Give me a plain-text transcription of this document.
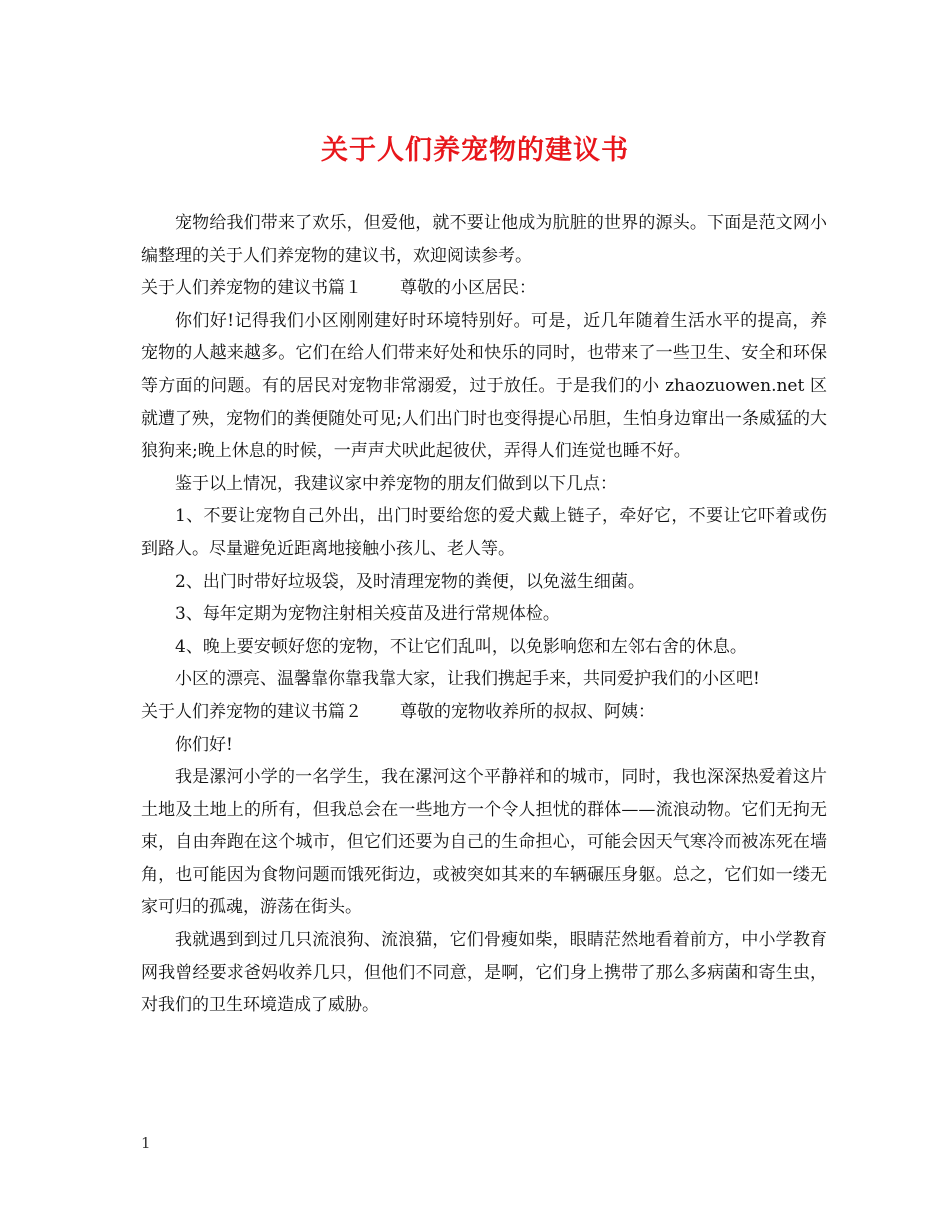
关于人们养宠物的建议书

宠物给我们带来了欢乐，但爱他，就不要让他成为肮脏的世界的源头。下面是范文网小编整理的关于人们养宠物的建议书，欢迎阅读参考。

关于人们养宠物的建议书篇１ 尊敬的小区居民：

你们好!记得我们小区刚刚建好时环境特别好。可是，近几年随着生活水平的提高，养宠物的人越来越多。它们在给人们带来好处和快乐的同时，也带来了一些卫生、安全和环保等方面的问题。有的居民对宠物非常溺爱，过于放任。于是我们的小 zhaozuowen.net 区就遭了殃，宠物们的粪便随处可见;人们出门时也变得提心吊胆，生怕身边窜出一条威猛的大狼狗来;晚上休息的时候，一声声犬吠此起彼伏，弄得人们连觉也睡不好。

鉴于以上情况，我建议家中养宠物的朋友们做到以下几点：

1、不要让宠物自己外出，出门时要给您的爱犬戴上链子，牵好它，不要让它吓着或伤到路人。尽量避免近距离地接触小孩儿、老人等。

2、出门时带好垃圾袋，及时清理宠物的粪便，以免滋生细菌。

3、每年定期为宠物注射相关疫苗及进行常规体检。

4、晚上要安顿好您的宠物，不让它们乱叫，以免影响您和左邻右舍的休息。

小区的漂亮、温馨靠你靠我靠大家，让我们携起手来，共同爱护我们的小区吧!

关于人们养宠物的建议书篇２ 尊敬的宠物收养所的叔叔、阿姨：

你们好!

我是漯河小学的一名学生，我在漯河这个平静祥和的城市，同时，我也深深热爱着这片土地及土地上的所有，但我总会在一些地方一个令人担忧的群体——流浪动物。它们无拘无束，自由奔跑在这个城市，但它们还要为自己的生命担心，可能会因天气寒冷而被冻死在墙角，也可能因为食物问题而饿死街边，或被突如其来的车辆碾压身躯。总之，它们如一缕无家可归的孤魂，游荡在街头。

我就遇到到过几只流浪狗、流浪猫，它们骨瘦如柴，眼睛茫然地看着前方，中小学教育网我曾经要求爸妈收养几只，但他们不同意，是啊，它们身上携带了那么多病菌和寄生虫，对我们的卫生环境造成了威胁。

1
